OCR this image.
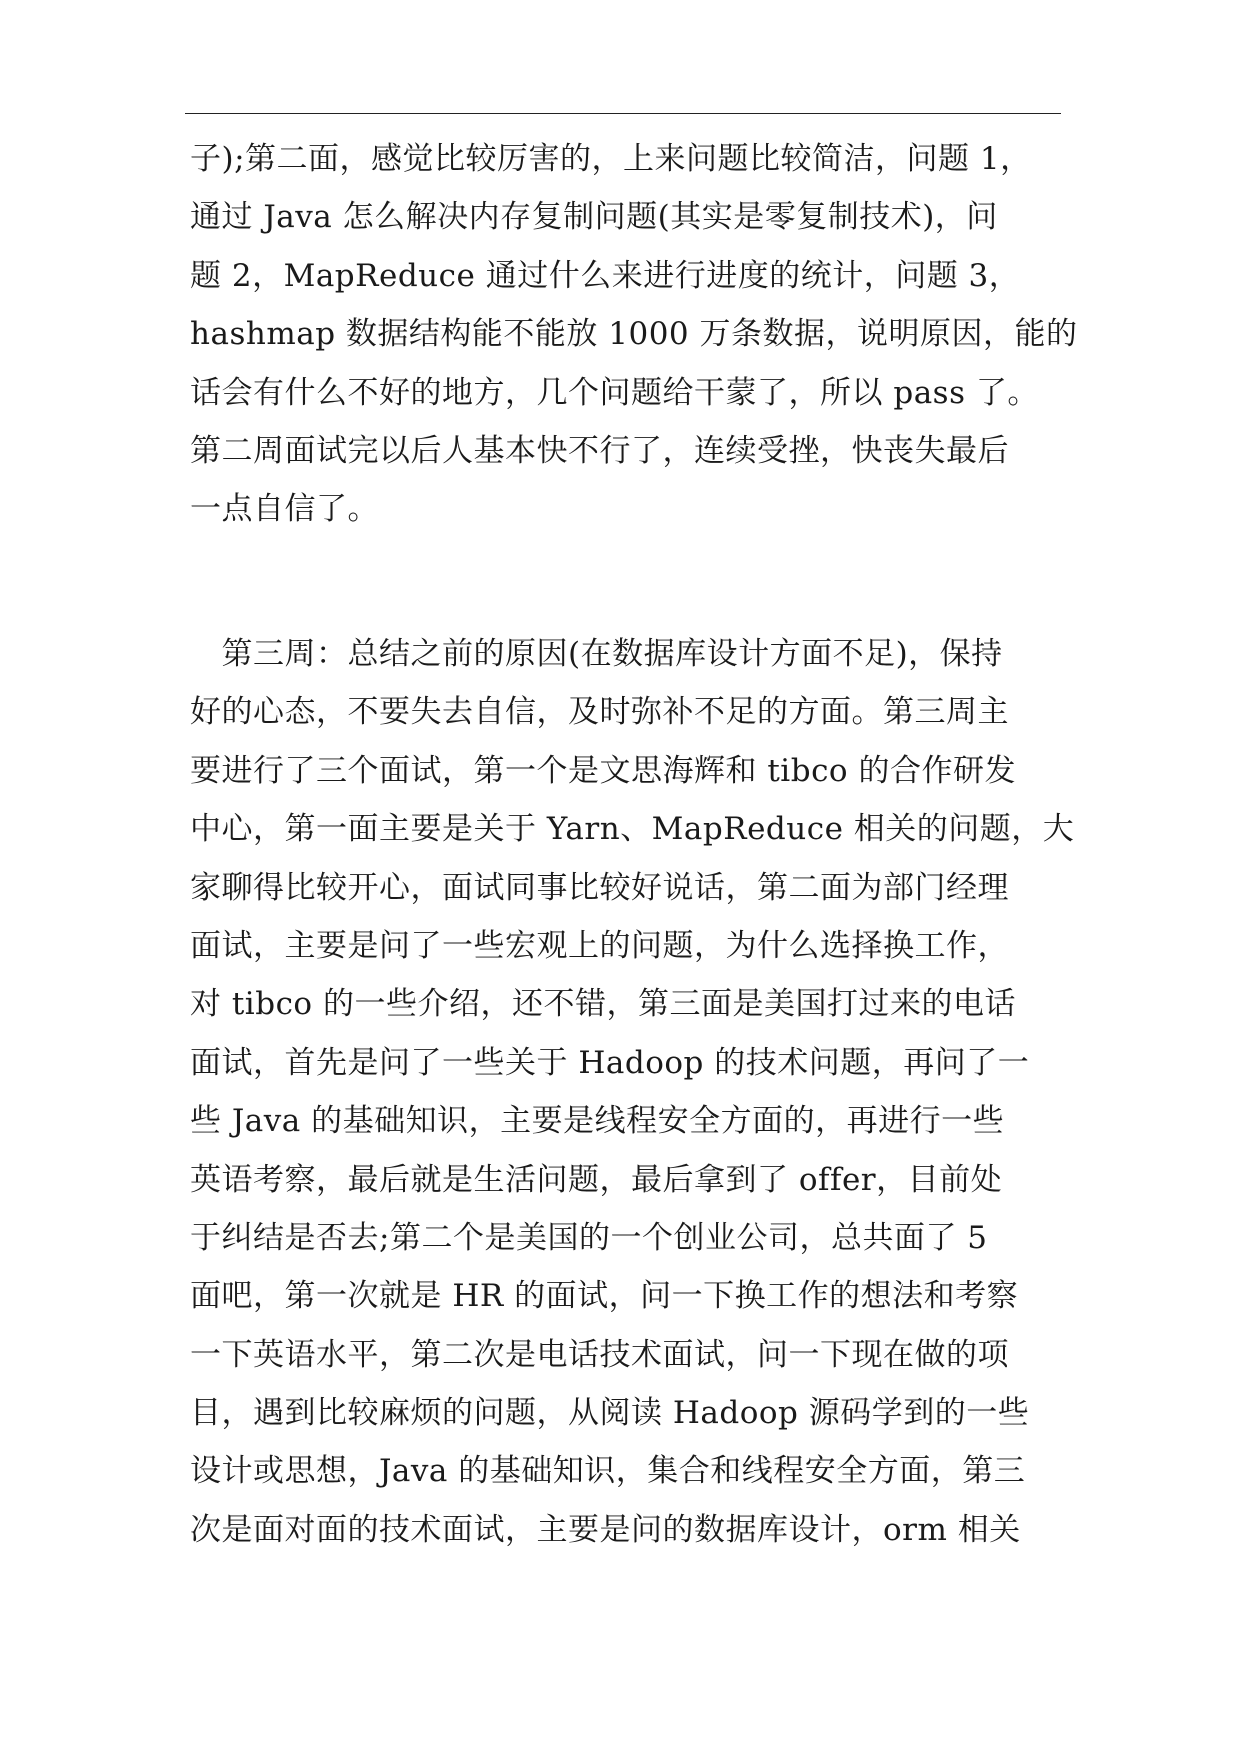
子);第二面，感觉比较厉害的，上来问题比较简洁，问题 1，
通过 Java 怎么解决内存复制问题(其实是零复制技术)，问
题 2，MapReduce 通过什么来进行进度的统计，问题 3，
hashmap 数据结构能不能放 1000 万条数据，说明原因，能的
话会有什么不好的地方，几个问题给干蒙了，所以 pass 了。
第二周面试完以后人基本快不行了，连续受挫，快丧失最后
一点自信了。
　第三周：总结之前的原因(在数据库设计方面不足)，保持
好的心态，不要失去自信，及时弥补不足的方面。第三周主
要进行了三个面试，第一个是文思海辉和 tibco 的合作研发
中心，第一面主要是关于 Yarn、MapReduce 相关的问题，大
家聊得比较开心，面试同事比较好说话，第二面为部门经理
面试，主要是问了一些宏观上的问题，为什么选择换工作，
对 tibco 的一些介绍，还不错，第三面是美国打过来的电话
面试，首先是问了一些关于 Hadoop 的技术问题，再问了一
些 Java 的基础知识，主要是线程安全方面的，再进行一些
英语考察，最后就是生活问题，最后拿到了 offer，目前处
于纠结是否去;第二个是美国的一个创业公司，总共面了 5
面吧，第一次就是 HR 的面试，问一下换工作的想法和考察
一下英语水平，第二次是电话技术面试，问一下现在做的项
目，遇到比较麻烦的问题，从阅读 Hadoop 源码学到的一些
设计或思想，Java 的基础知识，集合和线程安全方面，第三
次是面对面的技术面试，主要是问的数据库设计，orm 相关
